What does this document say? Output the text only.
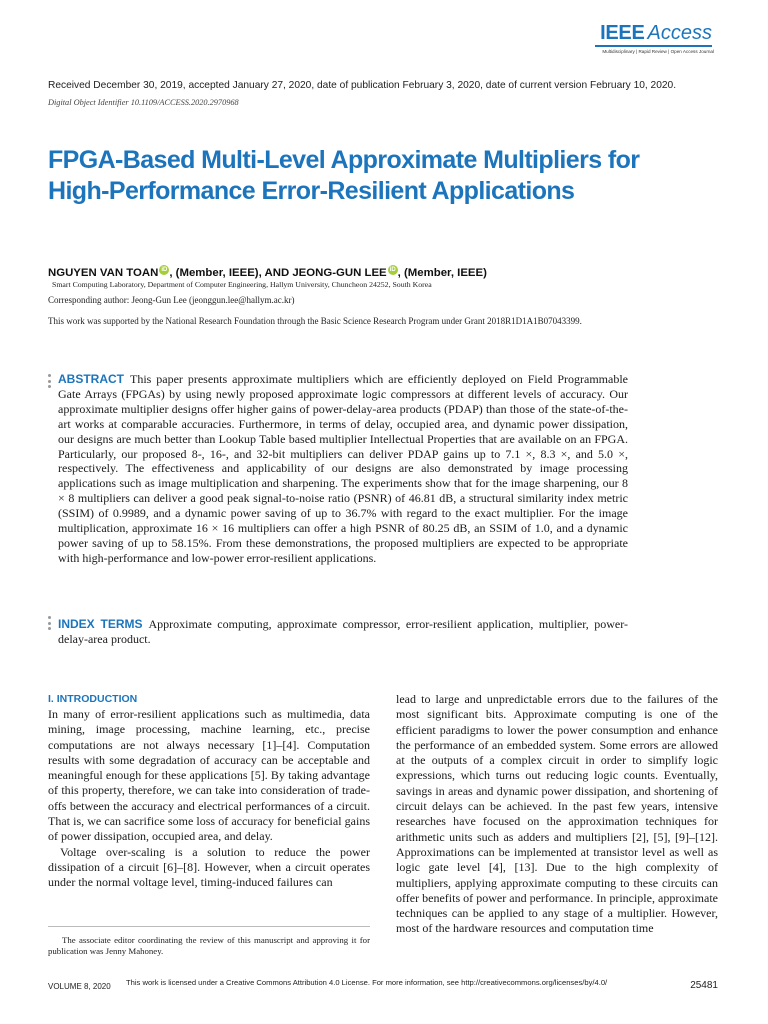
IEEE Access
Multidisciplinary | Rapid Review | Open Access Journal
Received December 30, 2019, accepted January 27, 2020, date of publication February 3, 2020, date of current version February 10, 2020.
Digital Object Identifier 10.1109/ACCESS.2020.2970968
FPGA-Based Multi-Level Approximate Multipliers for High-Performance Error-Resilient Applications
NGUYEN VAN TOAN iD , (Member, IEEE), AND JEONG-GUN LEE iD , (Member, IEEE)
Smart Computing Laboratory, Department of Computer Engineering, Hallym University, Chuncheon 24252, South Korea
Corresponding author: Jeong-Gun Lee (jeonggun.lee@hallym.ac.kr)
This work was supported by the National Research Foundation through the Basic Science Research Program under Grant 2018R1D1A1B07043399.
ABSTRACT This paper presents approximate multipliers which are efficiently deployed on Field Programmable Gate Arrays (FPGAs) by using newly proposed approximate logic compressors at different levels of accuracy. Our approximate multiplier designs offer higher gains of power-delay-area products (PDAP) than those of the state-of-the-art works at comparable accuracies. Furthermore, in terms of delay, occupied area, and dynamic power dissipation, our designs are much better than Lookup Table based multiplier Intellectual Properties that are available on an FPGA. Particularly, our proposed 8-, 16-, and 32-bit multipliers can deliver PDAP gains up to 7.1 ×, 8.3 ×, and 5.0 ×, respectively. The effectiveness and applicability of our designs are also demonstrated by image processing applications such as image multiplication and sharpening. The experiments show that for the image sharpening, our 8 × 8 multipliers can deliver a good peak signal-to-noise ratio (PSNR) of 46.81 dB, a structural similarity index metric (SSIM) of 0.9989, and a dynamic power saving of up to 36.7% with regard to the exact multiplier. For the image multiplication, approximate 16 × 16 multipliers can offer a high PSNR of 80.25 dB, an SSIM of 1.0, and a dynamic power saving of up to 58.15%. From these demonstrations, the proposed multipliers are expected to be appropriate with high-performance and low-power error-resilient applications.
INDEX TERMS Approximate computing, approximate compressor, error-resilient application, multiplier, power-delay-area product.
I. INTRODUCTION

In many of error-resilient applications such as multimedia, data mining, image processing, machine learning, etc., precise computations are not always necessary [1]–[4]. Computation results with some degradation of accuracy can be acceptable and meaningful enough for these applications [5]. By taking advantage of this property, therefore, we can take into consideration of trade-offs between the accuracy and electrical performances of a circuit. That is, we can sacrifice some loss of accuracy for beneficial gains of power dissipation, occupied area, and delay.

Voltage over-scaling is a solution to reduce the power dissipation of a circuit [6]–[8]. However, when a circuit operates under the normal voltage level, timing-induced failures can

lead to large and unpredictable errors due to the failures of the most significant bits. Approximate computing is one of the efficient paradigms to lower the power consumption and enhance the performance of an embedded system. Some errors are allowed at the outputs of a complex circuit in order to simplify logic expressions, which turns out reducing logic counts. Eventually, savings in areas and dynamic power dissipation, and shortening of circuit delays can be achieved. In the past few years, intensive researches have focused on the approximation techniques for arithmetic units such as adders and multipliers [2], [5], [9]–[12]. Approximations can be implemented at transistor level as well as logic gate level [4], [13]. Due to the high complexity of multipliers, applying approximate computing to these circuits can offer benefits of power and performance. In principle, approximate techniques can be applied to any stage of a multiplier. However, most of the hardware resources and computation time

The associate editor coordinating the review of this manuscript and approving it for publication was Jenny Mahoney.
VOLUME 8, 2020 This work is licensed under a Creative Commons Attribution 4.0 License. For more information, see http://creativecommons.org/licenses/by/4.0/	25481
